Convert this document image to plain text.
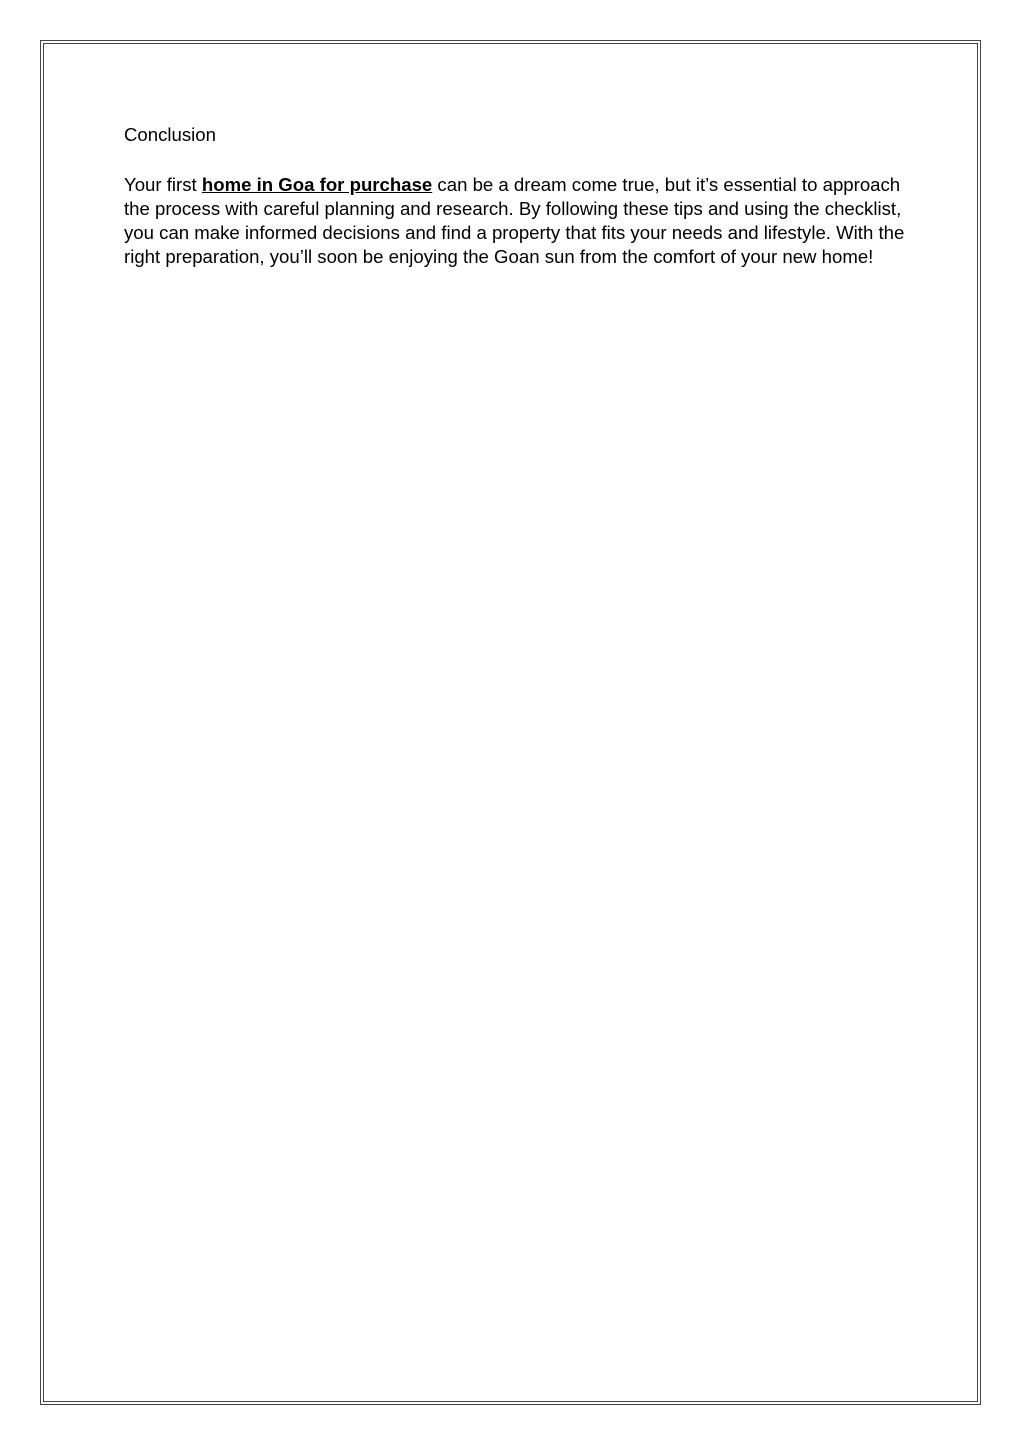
Conclusion

Your first home in Goa for purchase can be a dream come true, but it’s essential to approach the process with careful planning and research. By following these tips and using the checklist, you can make informed decisions and find a property that fits your needs and lifestyle. With the right preparation, you’ll soon be enjoying the Goan sun from the comfort of your new home!
